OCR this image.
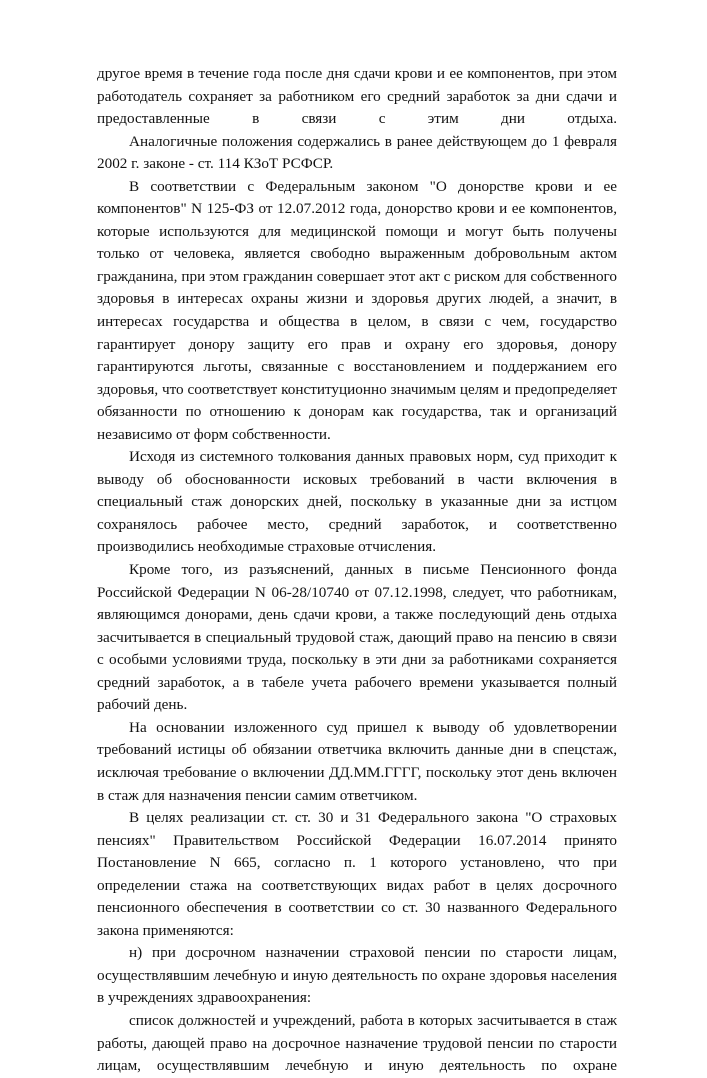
другое время в течение года после дня сдачи крови и ее компонентов, при этом работодатель сохраняет за работником его средний заработок за дни сдачи и предоставленные в связи с этим дни отдыха.

Аналогичные положения содержались в ранее действующем до 1 февраля 2002 г. законе - ст. 114 КЗоТ РСФСР.

В соответствии с Федеральным законом "О донорстве крови и ее компонентов" N 125-ФЗ от 12.07.2012 года, донорство крови и ее компонентов, которые используются для медицинской помощи и могут быть получены только от человека, является свободно выраженным добровольным актом гражданина, при этом гражданин совершает этот акт с риском для собственного здоровья в интересах охраны жизни и здоровья других людей, а значит, в интересах государства и общества в целом, в связи с чем, государство гарантирует донору защиту его прав и охрану его здоровья, донору гарантируются льготы, связанные с восстановлением и поддержанием его здоровья, что соответствует конституционно значимым целям и предопределяет обязанности по отношению к донорам как государства, так и организаций независимо от форм собственности.

Исходя из системного толкования данных правовых норм, суд приходит к выводу об обоснованности исковых требований в части включения в специальный стаж донорских дней, поскольку в указанные дни за истцом сохранялось рабочее место, средний заработок, и соответственно производились необходимые страховые отчисления.

Кроме того, из разъяснений, данных в письме Пенсионного фонда Российской Федерации N 06-28/10740 от 07.12.1998, следует, что работникам, являющимся донорами, день сдачи крови, а также последующий день отдыха засчитывается в специальный трудовой стаж, дающий право на пенсию в связи с особыми условиями труда, поскольку в эти дни за работниками сохраняется средний заработок, а в табеле учета рабочего времени указывается полный рабочий день.

На основании изложенного суд пришел к выводу об удовлетворении требований истицы об обязании ответчика включить данные дни в спецстаж, исключая требование о включении ДД.ММ.ГГГГ, поскольку этот день включен в стаж для назначения пенсии самим ответчиком.

В целях реализации ст. ст. 30 и 31 Федерального закона "О страховых пенсиях" Правительством Российской Федерации 16.07.2014 принято Постановление N 665, согласно п. 1 которого установлено, что при определении стажа на соответствующих видах работ в целях досрочного пенсионного обеспечения в соответствии со ст. 30 названного Федерального закона применяются:

н) при досрочном назначении страховой пенсии по старости лицам, осуществлявшим лечебную и иную деятельность по охране здоровья населения в учреждениях здравоохранения:

список должностей и учреждений, работа в которых засчитывается в стаж работы, дающей право на досрочное назначение трудовой пенсии по старости лицам, осуществлявшим лечебную и иную деятельность по охране
